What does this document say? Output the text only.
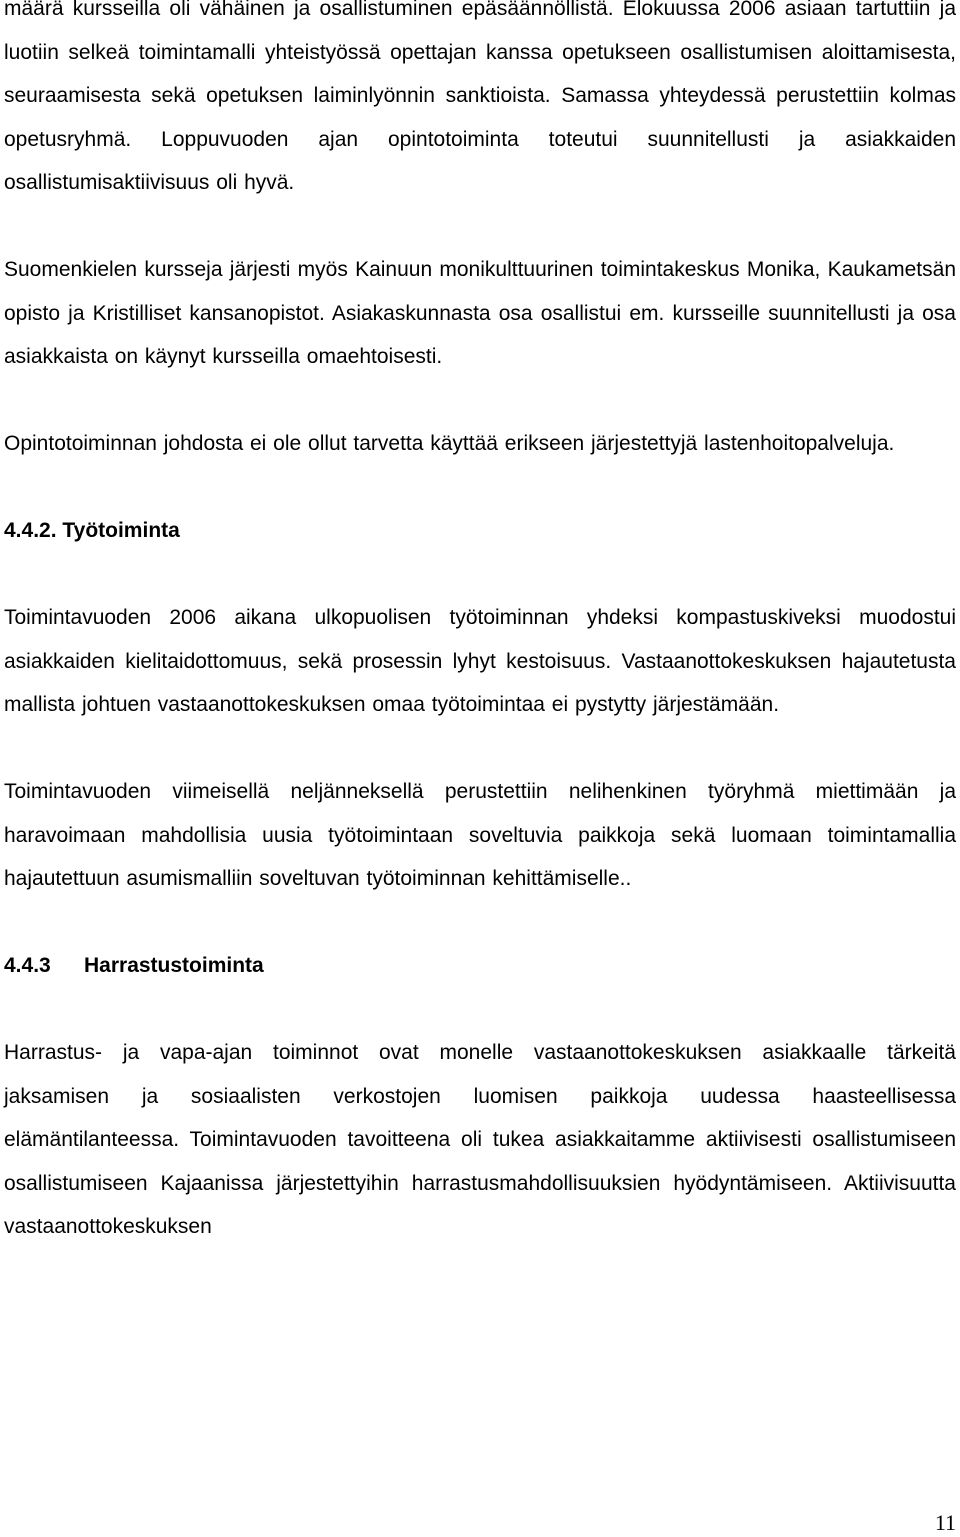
määrä kursseilla oli vähäinen ja osallistuminen epäsäännöllistä. Elokuussa 2006 asiaan tartuttiin ja luotiin selkeä toimintamalli yhteistyössä opettajan kanssa opetukseen osallistumisen aloittamisesta, seuraamisesta sekä opetuksen laiminlyönnin sanktioista. Samassa yhteydessä perustettiin kolmas opetusryhmä. Loppuvuoden ajan opintotoiminta toteutui suunnitellusti ja asiakkaiden osallistumisaktiivisuus oli hyvä.

Suomenkielen kursseja järjesti myös Kainuun monikulttuurinen toimintakeskus Monika, Kaukametsän opisto ja Kristilliset kansanopistot. Asiakaskunnasta osa osallistui em. kursseille suunnitellusti ja osa asiakkaista on käynyt kursseilla omaehtoisesti.

Opintotoiminnan johdosta ei ole ollut tarvetta käyttää erikseen järjestettyjä lastenhoitopalveluja.

4.4.2. Työtoiminta

Toimintavuoden 2006 aikana ulkopuolisen työtoiminnan yhdeksi kompastuskiveksi muodostui asiakkaiden kielitaidottomuus, sekä prosessin lyhyt kestoisuus. Vastaanottokeskuksen hajautetusta mallista johtuen vastaanottokeskuksen omaa työtoimintaa ei pystytty järjestämään.

Toimintavuoden viimeisellä neljänneksellä perustettiin nelihenkinen työryhmä miettimään ja haravoimaan mahdollisia uusia työtoimintaan soveltuvia paikkoja sekä luomaan toimintamallia hajautettuun asumismalliin soveltuvan työtoiminnan kehittämiselle..

4.4.3 Harrastustoiminta

Harrastus- ja vapa-ajan toiminnot ovat monelle vastaanottokeskuksen asiakkaalle tärkeitä jaksamisen ja sosiaalisten verkostojen luomisen paikkoja uudessa haasteellisessa elämäntilanteessa. Toimintavuoden tavoitteena oli tukea asiakkaitamme aktiivisesti osallistumiseen osallistumiseen Kajaanissa järjestettyihin harrastusmahdollisuuksien hyödyntämiseen. Aktiivisuutta vastaanottokeskuksen

11
